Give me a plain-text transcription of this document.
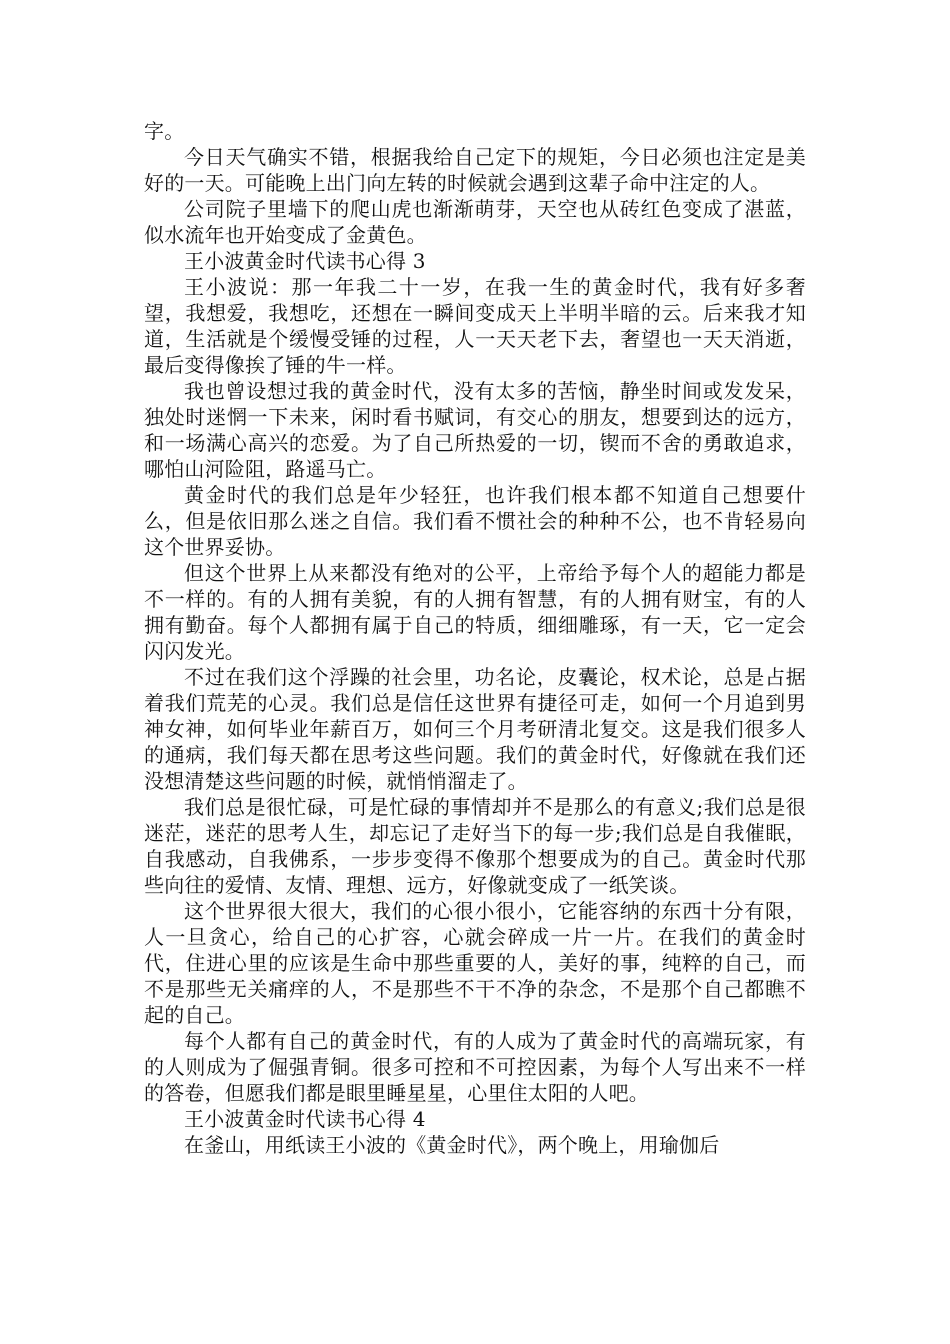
字。

今日天气确实不错，根据我给自己定下的规矩，今日必须也注定是美好的一天。可能晚上出门向左转的时候就会遇到这辈子命中注定的人。

公司院子里墙下的爬山虎也渐渐萌芽，天空也从砖红色变成了湛蓝，似水流年也开始变成了金黄色。

王小波黄金时代读书心得 3

王小波说：那一年我二十一岁，在我一生的黄金时代，我有好多奢望，我想爱，我想吃，还想在一瞬间变成天上半明半暗的云。后来我才知道，生活就是个缓慢受锤的过程，人一天天老下去，奢望也一天天消逝，最后变得像挨了锤的牛一样。

我也曾设想过我的黄金时代，没有太多的苦恼，静坐时间或发发呆，独处时迷惘一下未来，闲时看书赋词，有交心的朋友，想要到达的远方，和一场满心高兴的恋爱。为了自己所热爱的一切，锲而不舍的勇敢追求，哪怕山河险阻，路遥马亡。

黄金时代的我们总是年少轻狂，也许我们根本都不知道自己想要什么，但是依旧那么迷之自信。我们看不惯社会的种种不公，也不肯轻易向这个世界妥协。

但这个世界上从来都没有绝对的公平，上帝给予每个人的超能力都是不一样的。有的人拥有美貌，有的人拥有智慧，有的人拥有财宝，有的人拥有勤奋。每个人都拥有属于自己的特质，细细雕琢，有一天，它一定会闪闪发光。

不过在我们这个浮躁的社会里，功名论，皮囊论，权术论，总是占据着我们荒芜的心灵。我们总是信任这世界有捷径可走，如何一个月追到男神女神，如何毕业年薪百万，如何三个月考研清北复交。这是我们很多人的通病，我们每天都在思考这些问题。我们的黄金时代，好像就在我们还没想清楚这些问题的时候，就悄悄溜走了。

我们总是很忙碌，可是忙碌的事情却并不是那么的有意义;我们总是很迷茫，迷茫的思考人生，却忘记了走好当下的每一步;我们总是自我催眠，自我感动，自我佛系，一步步变得不像那个想要成为的自己。黄金时代那些向往的爱情、友情、理想、远方，好像就变成了一纸笑谈。

这个世界很大很大，我们的心很小很小，它能容纳的东西十分有限，人一旦贪心，给自己的心扩容，心就会碎成一片一片。在我们的黄金时代，住进心里的应该是生命中那些重要的人，美好的事，纯粹的自己，而不是那些无关痛痒的人，不是那些不干不净的杂念，不是那个自己都瞧不起的自己。

每个人都有自己的黄金时代，有的人成为了黄金时代的高端玩家，有的人则成为了倔强青铜。很多可控和不可控因素，为每个人写出来不一样的答卷，但愿我们都是眼里睡星星，心里住太阳的人吧。

王小波黄金时代读书心得 4

在釜山，用纸读王小波的《黄金时代》，两个晚上，用瑜伽后
